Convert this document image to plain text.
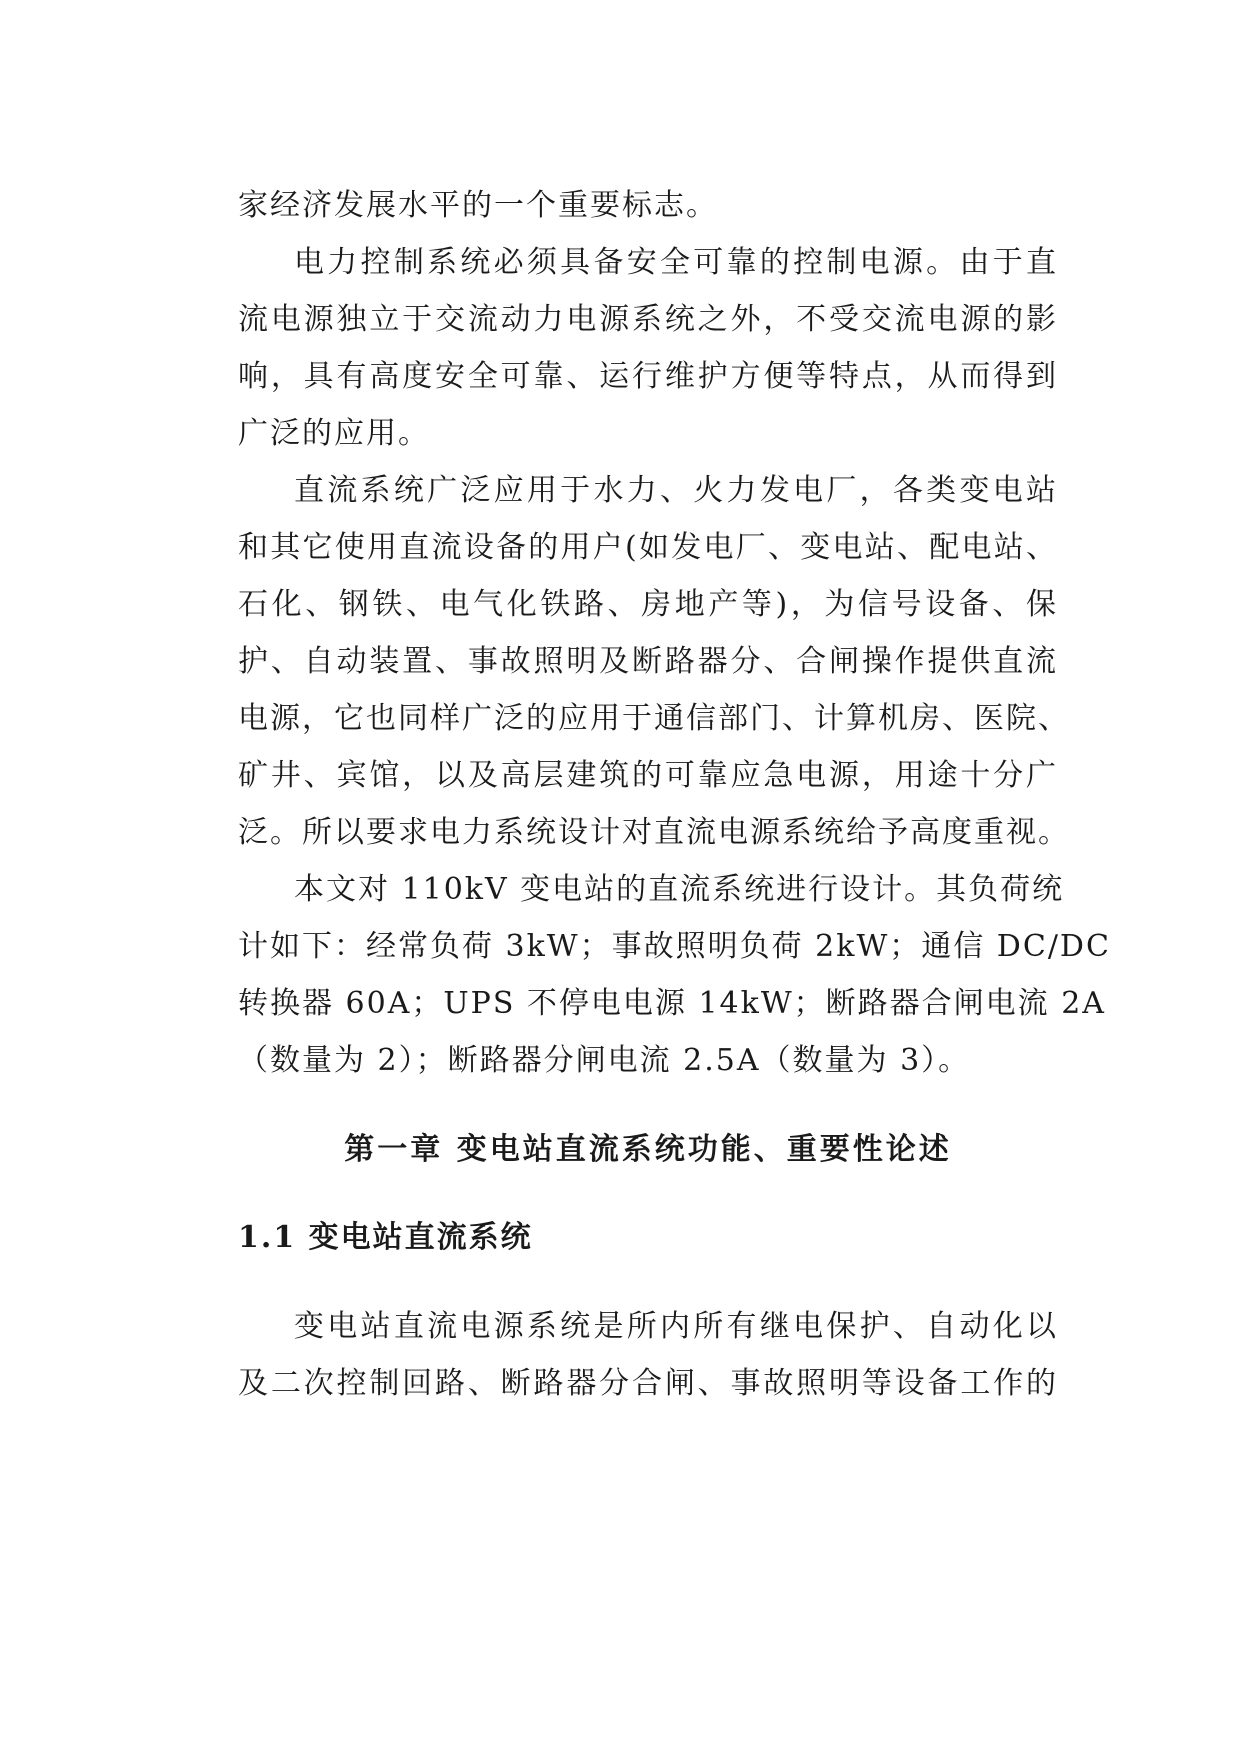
家经济发展水平的一个重要标志。
电力控制系统必须具备安全可靠的控制电源。由于直
流电源独立于交流动力电源系统之外，不受交流电源的影
响，具有高度安全可靠、运行维护方便等特点，从而得到
广泛的应用。
直流系统广泛应用于水力、火力发电厂，各类变电站
和其它使用直流设备的用户(如发电厂、变电站、配电站、
石化、钢铁、电气化铁路、房地产等)，为信号设备、保
护、自动装置、事故照明及断路器分、合闸操作提供直流
电源，它也同样广泛的应用于通信部门、计算机房、医院、
矿井、宾馆，以及高层建筑的可靠应急电源，用途十分广
泛。所以要求电力系统设计对直流电源系统给予高度重视。
本文对 110kV 变电站的直流系统进行设计。其负荷统
计如下：经常负荷 3kW；事故照明负荷 2kW；通信 DC/DC
转换器 60A；UPS 不停电电源 14kW；断路器合闸电流 2A
（数量为 2）；断路器分闸电流 2.5A（数量为 3）。
第一章 变电站直流系统功能、重要性论述
1.1 变电站直流系统
变电站直流电源系统是所内所有继电保护、自动化以
及二次控制回路、断路器分合闸、事故照明等设备工作的
